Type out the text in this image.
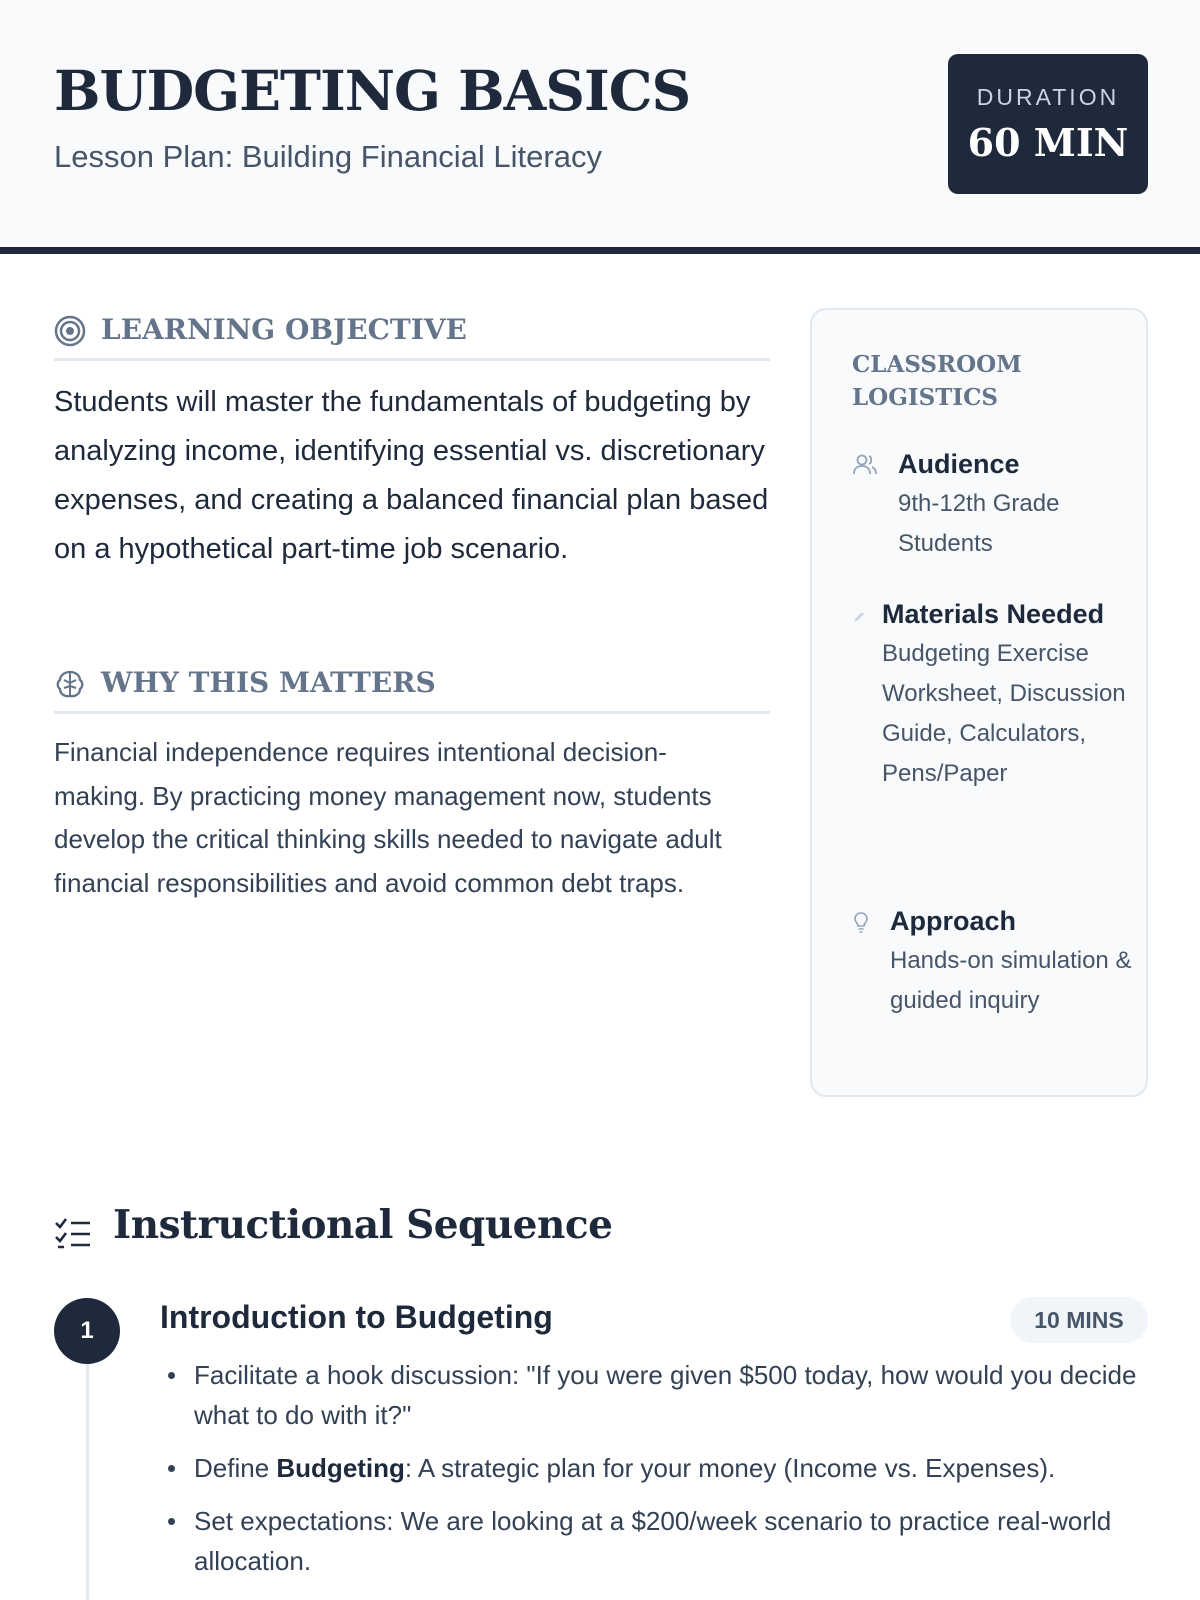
BUDGETING BASICS
Lesson Plan: Building Financial Literacy
DURATION
60 MIN
LEARNING OBJECTIVE
Students will master the fundamentals of budgeting by analyzing income, identifying essential vs. discretionary expenses, and creating a balanced financial plan based on a hypothetical part-time job scenario.
WHY THIS MATTERS
Financial independence requires intentional decision-making. By practicing money management now, students develop the critical thinking skills needed to navigate adult financial responsibilities and avoid common debt traps.
CLASSROOM LOGISTICS
Audience
9th-12th Grade Students
Materials Needed
Budgeting Exercise Worksheet, Discussion Guide, Calculators, Pens/Paper
Approach
Hands-on simulation & guided inquiry
Instructional Sequence
1	Introduction to Budgeting	10 MINS
Facilitate a hook discussion: "If you were given $500 today, how would you decide what to do with it?"
Define Budgeting: A strategic plan for your money (Income vs. Expenses).
Set expectations: We are looking at a $200/week scenario to practice real-world allocation.
